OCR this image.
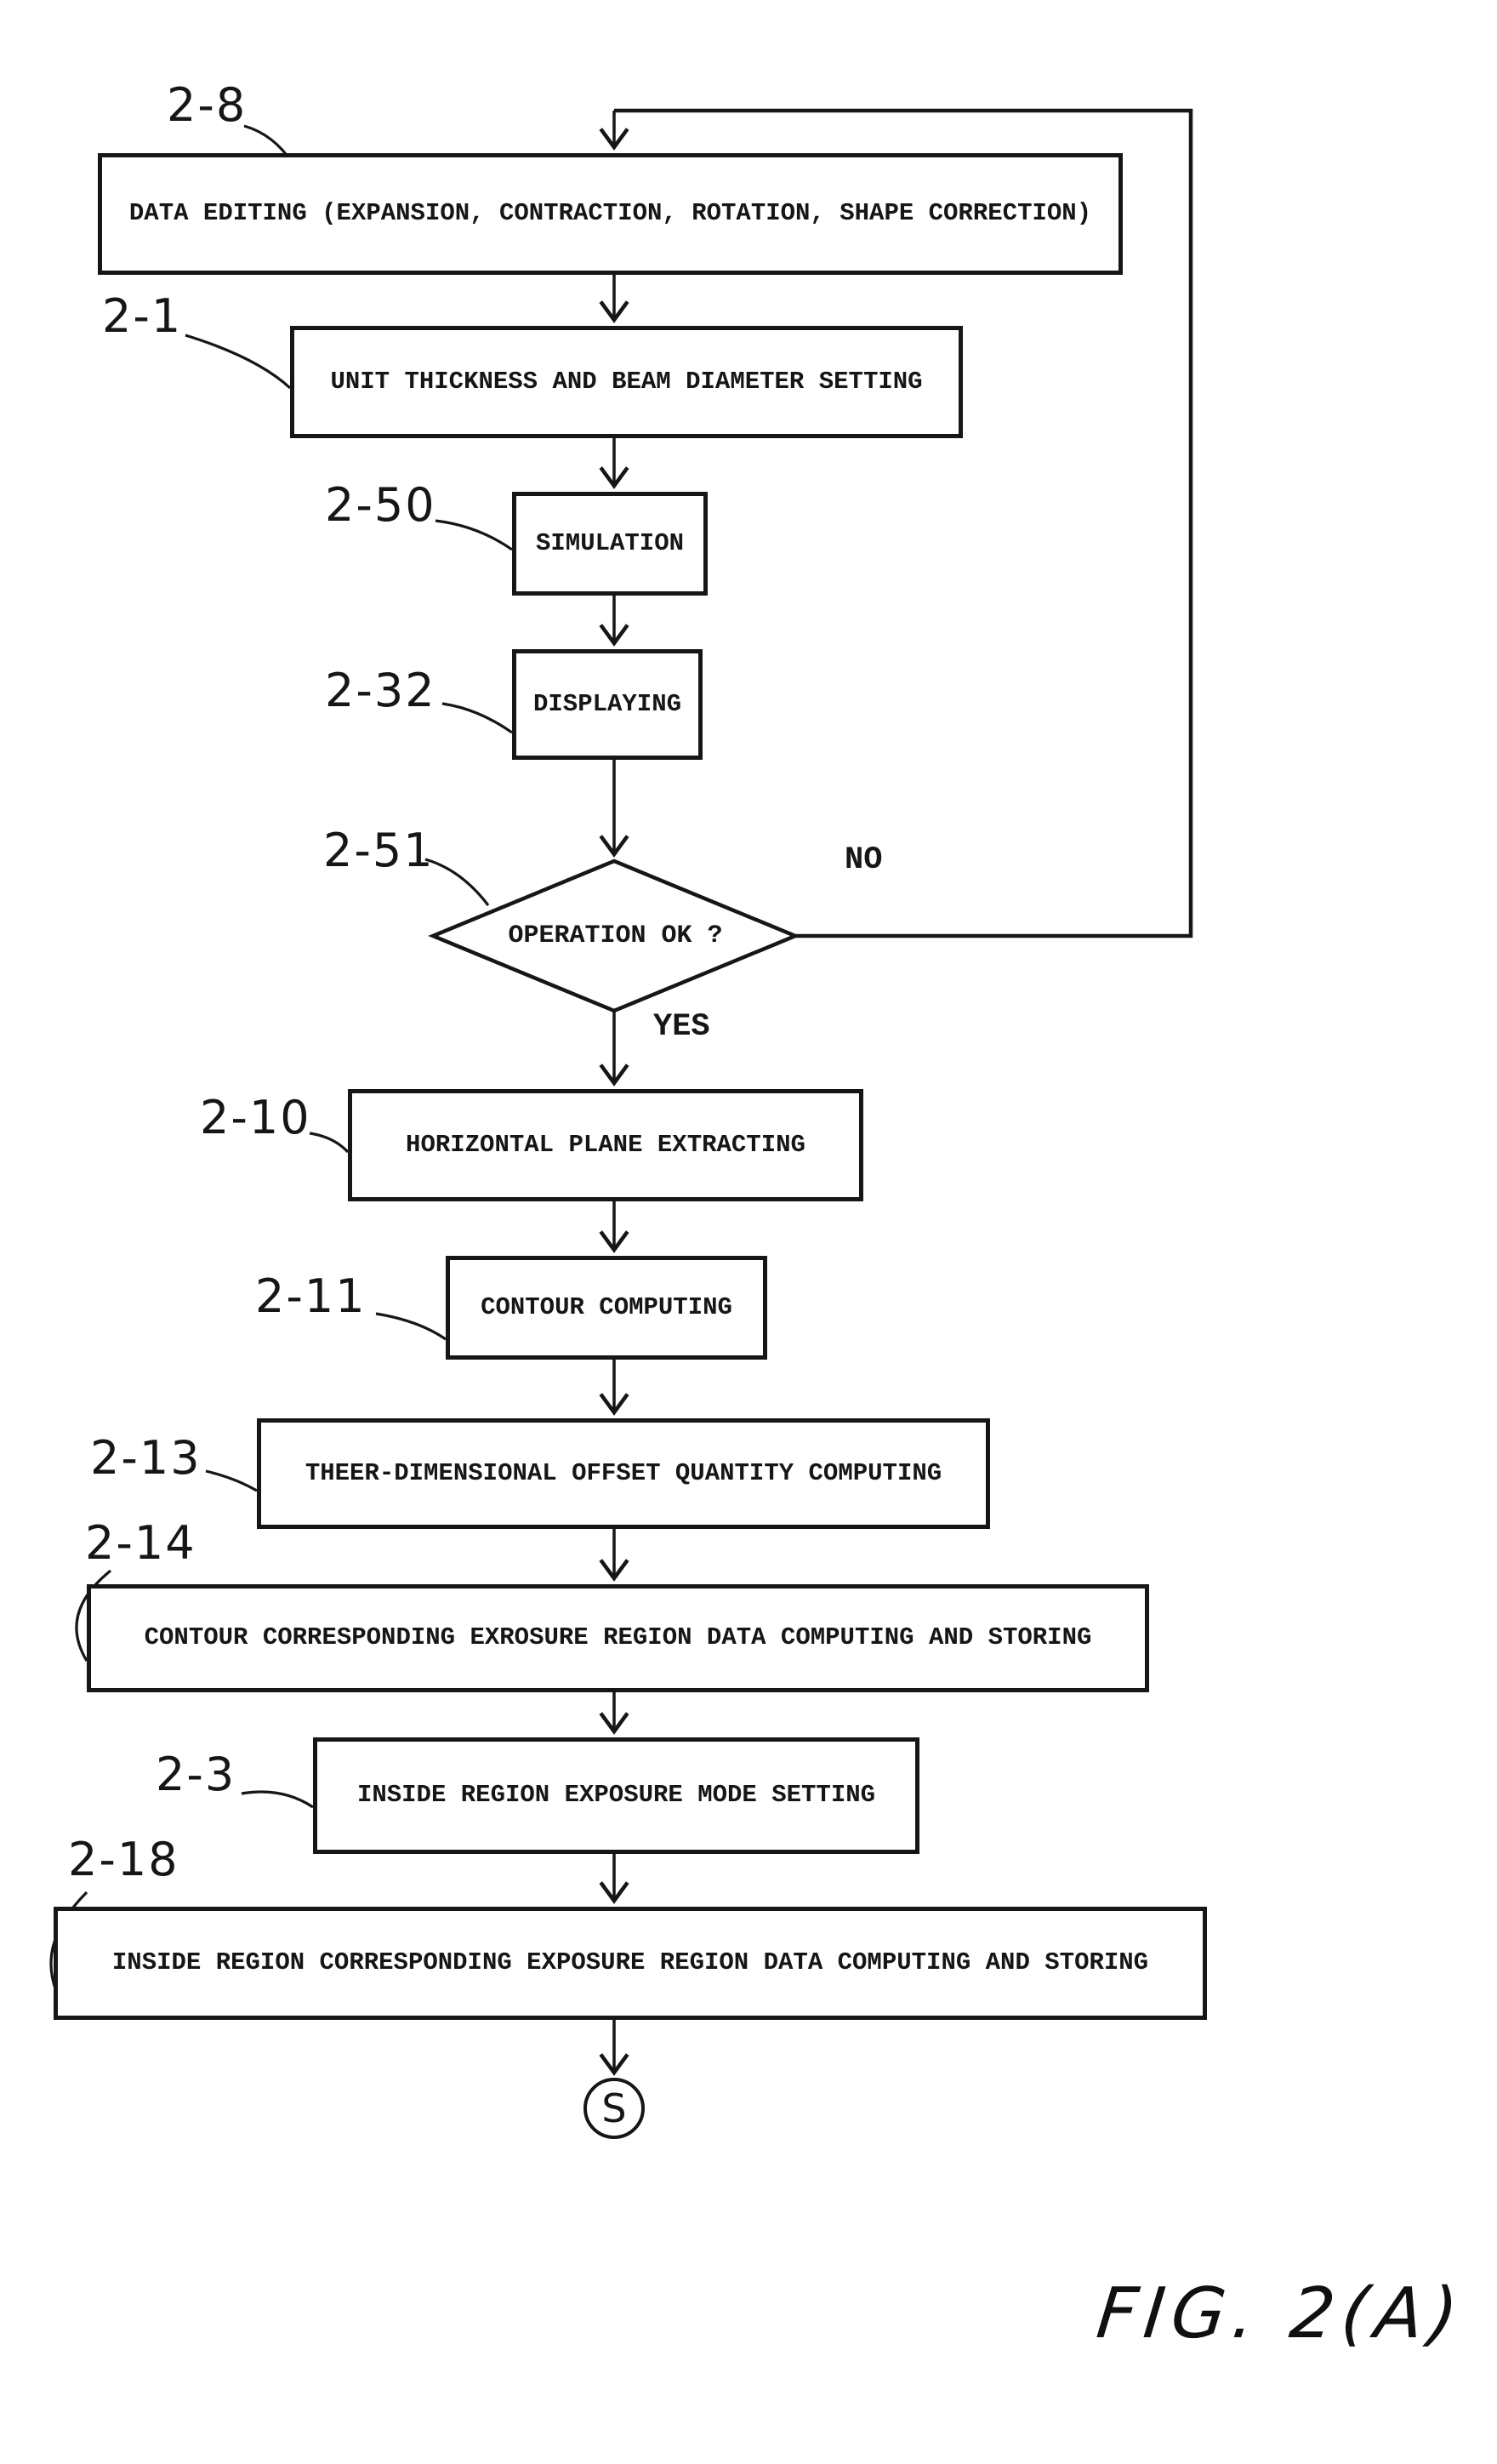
DATA EDITING (EXPANSION, CONTRACTION, ROTATION, SHAPE CORRECTION)
UNIT THICKNESS AND BEAM DIAMETER SETTING
SIMULATION
DISPLAYING
OPERATION OK ?
HORIZONTAL PLANE EXTRACTING
CONTOUR COMPUTING
THEER-DIMENSIONAL OFFSET QUANTITY COMPUTING
CONTOUR CORRESPONDING EXROSURE REGION DATA COMPUTING AND STORING
INSIDE REGION EXPOSURE MODE SETTING
INSIDE REGION CORRESPONDING EXPOSURE REGION DATA COMPUTING AND STORING
2-8
2-1
2-50
2-32
2-51
2-10
2-11
2-13
2-14
2-3
2-18
NO
YES
S
FIG. 2(A)
